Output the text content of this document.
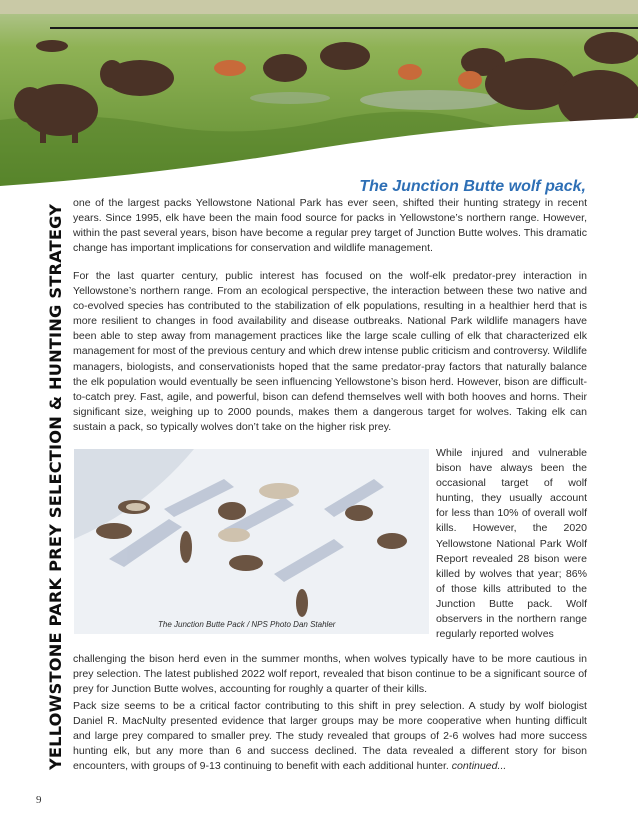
YELLOWSTONE PARK PREY SELECTION & HUNTING STRATEGY
The Junction Butte wolf pack,

one of the largest packs Yellowstone National Park has ever seen, shifted their hunting strategy in recent years. Since 1995, elk have been the main food source for packs in Yellowstone’s northern range. However, within the past several years, bison have become a regular prey target of Junction Butte wolves. This dramatic change has important implications for conservation and wildlife management.

For the last quarter century, public interest has focused on the wolf-elk predator-prey interaction in Yellowstone’s northern range. From an ecological perspective, the interaction between these two native and co-evolved species has contributed to the stabilization of elk populations, resulting in a healthier herd that is more resilient to changes in food availability and disease outbreaks. National Park wildlife managers have been able to step away from management practices like the large scale culling of elk that characterized elk management for most of the previous century and which drew intense public criticism and controversy. Wildlife managers, biologists, and conservationists hoped that the same predator-pray factors that naturally balance the elk population would eventually be seen influencing Yellowstone’s bison herd. However, bison are difficult-to-catch prey. Fast, agile, and powerful, bison can defend themselves well with both hooves and horns. Their significant size, weighing up to 2000 pounds, makes them a dangerous target for wolves. Taking elk can sustain a pack, so typically wolves don’t take on the higher risk prey.

The Junction Butte Pack / NPS Photo Dan Stahler

While injured and vulnerable bison have always been the occasional target of wolf hunting, they usually account for less than 10% of overall wolf kills. However, the 2020 Yellowstone National Park Wolf Report revealed 28 bison were killed by wolves that year; 86% of those kills attributed to the Junction Butte pack. Wolf observers in the northern range regularly reported wolves

challenging the bison herd even in the summer months, when wolves typically have to be more cautious in prey selection. The latest published 2022 wolf report, revealed that bison continue to be a significant source of prey for Junction Butte wolves, accounting for roughly a quarter of their kills.

Pack size seems to be a critical factor contributing to this shift in prey selection. A study by wolf biologist Daniel R. MacNulty presented evidence that larger groups may be more cooperative when hunting difficult and large prey compared to smaller prey. The study revealed that groups of 2-6 wolves had more success hunting elk, but any more than 6 and success declined. The data revealed a different story for bison encounters, with groups of 9-13 continuing to benefit with each additional hunter. continued...

9
